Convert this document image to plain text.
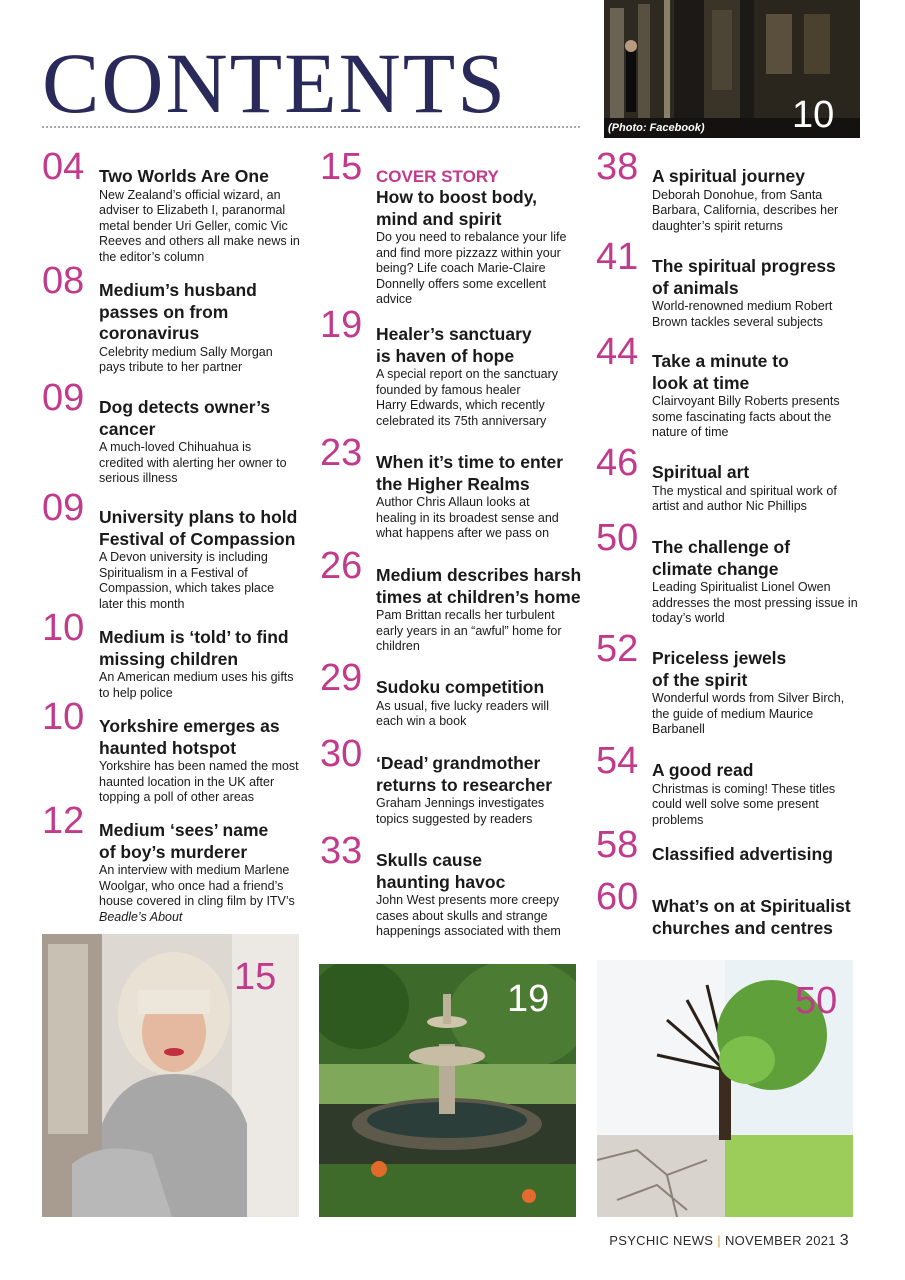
CONTENTS	10
(Photo: Facebook)
04 Two Worlds Are One
New Zealand’s official wizard, an
adviser to Elizabeth I, paranormal
metal bender Uri Geller, comic Vic
Reeves and others all make news in
the editor’s column
08 Medium’s husband
passes on from
coronavirus
Celebrity medium Sally Morgan
pays tribute to her partner
09 Dog detects owner’s
cancer
A much-loved Chihuahua is
credited with alerting her owner to
serious illness
09 University plans to hold
Festival of Compassion
A Devon university is including
Spiritualism in a Festival of
Compassion, which takes place
later this month
10 Medium is ‘told’ to find
missing children
An American medium uses his gifts
to help police
10 Yorkshire emerges as
haunted hotspot
Yorkshire has been named the most
haunted location in the UK after
topping a poll of other areas
12 Medium ‘sees’ name
of boy’s murderer
An interview with medium Marlene
Woolgar, who once had a friend’s
house covered in cling film by ITV’s
Beadle’s About
15 COVER STORY
How to boost body,
mind and spirit
Do you need to rebalance your life
and find more pizzazz within your
being? Life coach Marie-Claire
Donnelly offers some excellent
advice
19 Healer’s sanctuary
is haven of hope
A special report on the sanctuary
founded by famous healer
Harry Edwards, which recently
celebrated its 75th anniversary
23 When it’s time to enter
the Higher Realms
Author Chris Allaun looks at
healing in its broadest sense and
what happens after we pass on
26 Medium describes harsh
times at children’s home
Pam Brittan recalls her turbulent
early years in an “awful” home for
children
29 Sudoku competition
As usual, five lucky readers will
each win a book
30 ‘Dead’ grandmother
returns to researcher
Graham Jennings investigates
topics suggested by readers
33 Skulls cause
haunting havoc
John West presents more creepy
cases about skulls and strange
happenings associated with them
38 A spiritual journey
Deborah Donohue, from Santa
Barbara, California, describes her
daughter’s spirit returns
41 The spiritual progress
of animals
World-renowned medium Robert
Brown tackles several subjects
44 Take a minute to
look at time
Clairvoyant Billy Roberts presents
some fascinating facts about the
nature of time
46 Spiritual art
The mystical and spiritual work of
artist and author Nic Phillips
50 The challenge of
climate change
Leading Spiritualist Lionel Owen
addresses the most pressing issue in
today’s world
52 Priceless jewels
of the spirit
Wonderful words from Silver Birch,
the guide of medium Maurice
Barbanell
54 A good read
Christmas is coming! These titles
could well solve some present
problems
58 Classified advertising
60 What’s on at Spiritualist
churches and centres
15
19	50
PSYCHIC NEWS | NOVEMBER 2021 3
